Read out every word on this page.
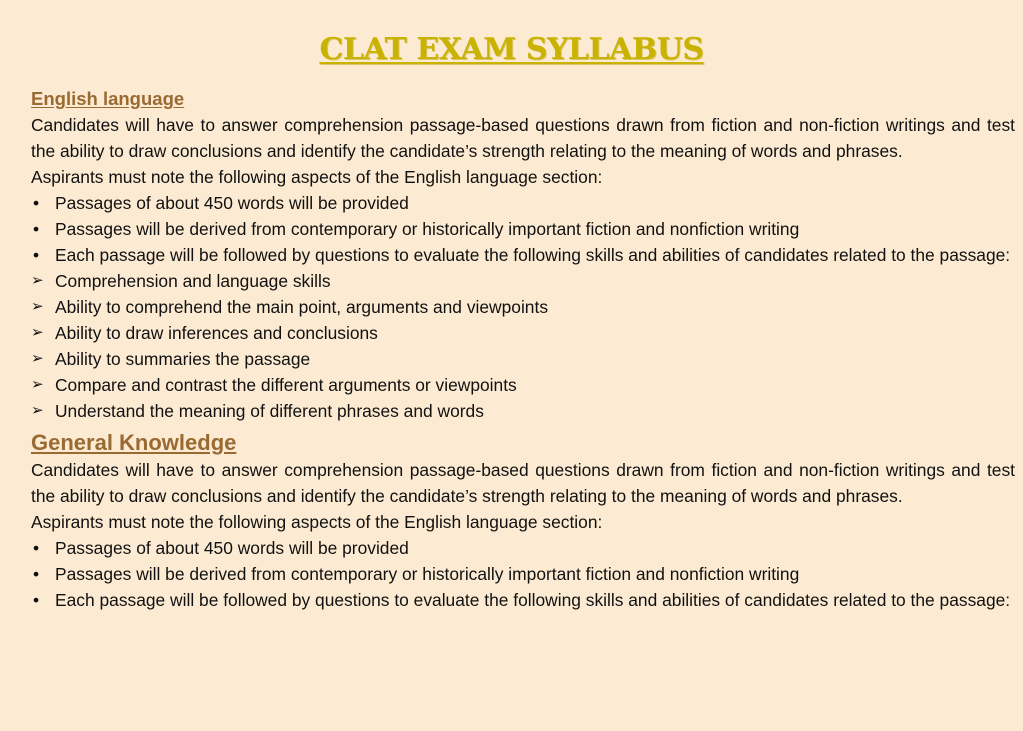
CLAT EXAM SYLLABUS
English language

Candidates will have to answer comprehension passage-based questions drawn from fiction and non-fiction writings and test the ability to draw conclusions and identify the candidate’s strength relating to the meaning of words and phrases.

Aspirants must note the following aspects of the English language section:

• Passages of about 450 words will be provided
• Passages will be derived from contemporary or historically important fiction and nonfiction writing
• Each passage will be followed by questions to evaluate the following skills and abilities of candidates related to the passage:
➢ Comprehension and language skills
➢ Ability to comprehend the main point, arguments and viewpoints
➢ Ability to draw inferences and conclusions
➢ Ability to summaries the passage
➢ Compare and contrast the different arguments or viewpoints
➢ Understand the meaning of different phrases and words
General Knowledge

Candidates will have to answer comprehension passage-based questions drawn from fiction and non-fiction writings and test the ability to draw conclusions and identify the candidate’s strength relating to the meaning of words and phrases.

Aspirants must note the following aspects of the English language section:

• Passages of about 450 words will be provided
• Passages will be derived from contemporary or historically important fiction and nonfiction writing
• Each passage will be followed by questions to evaluate the following skills and abilities of candidates related to the passage:
